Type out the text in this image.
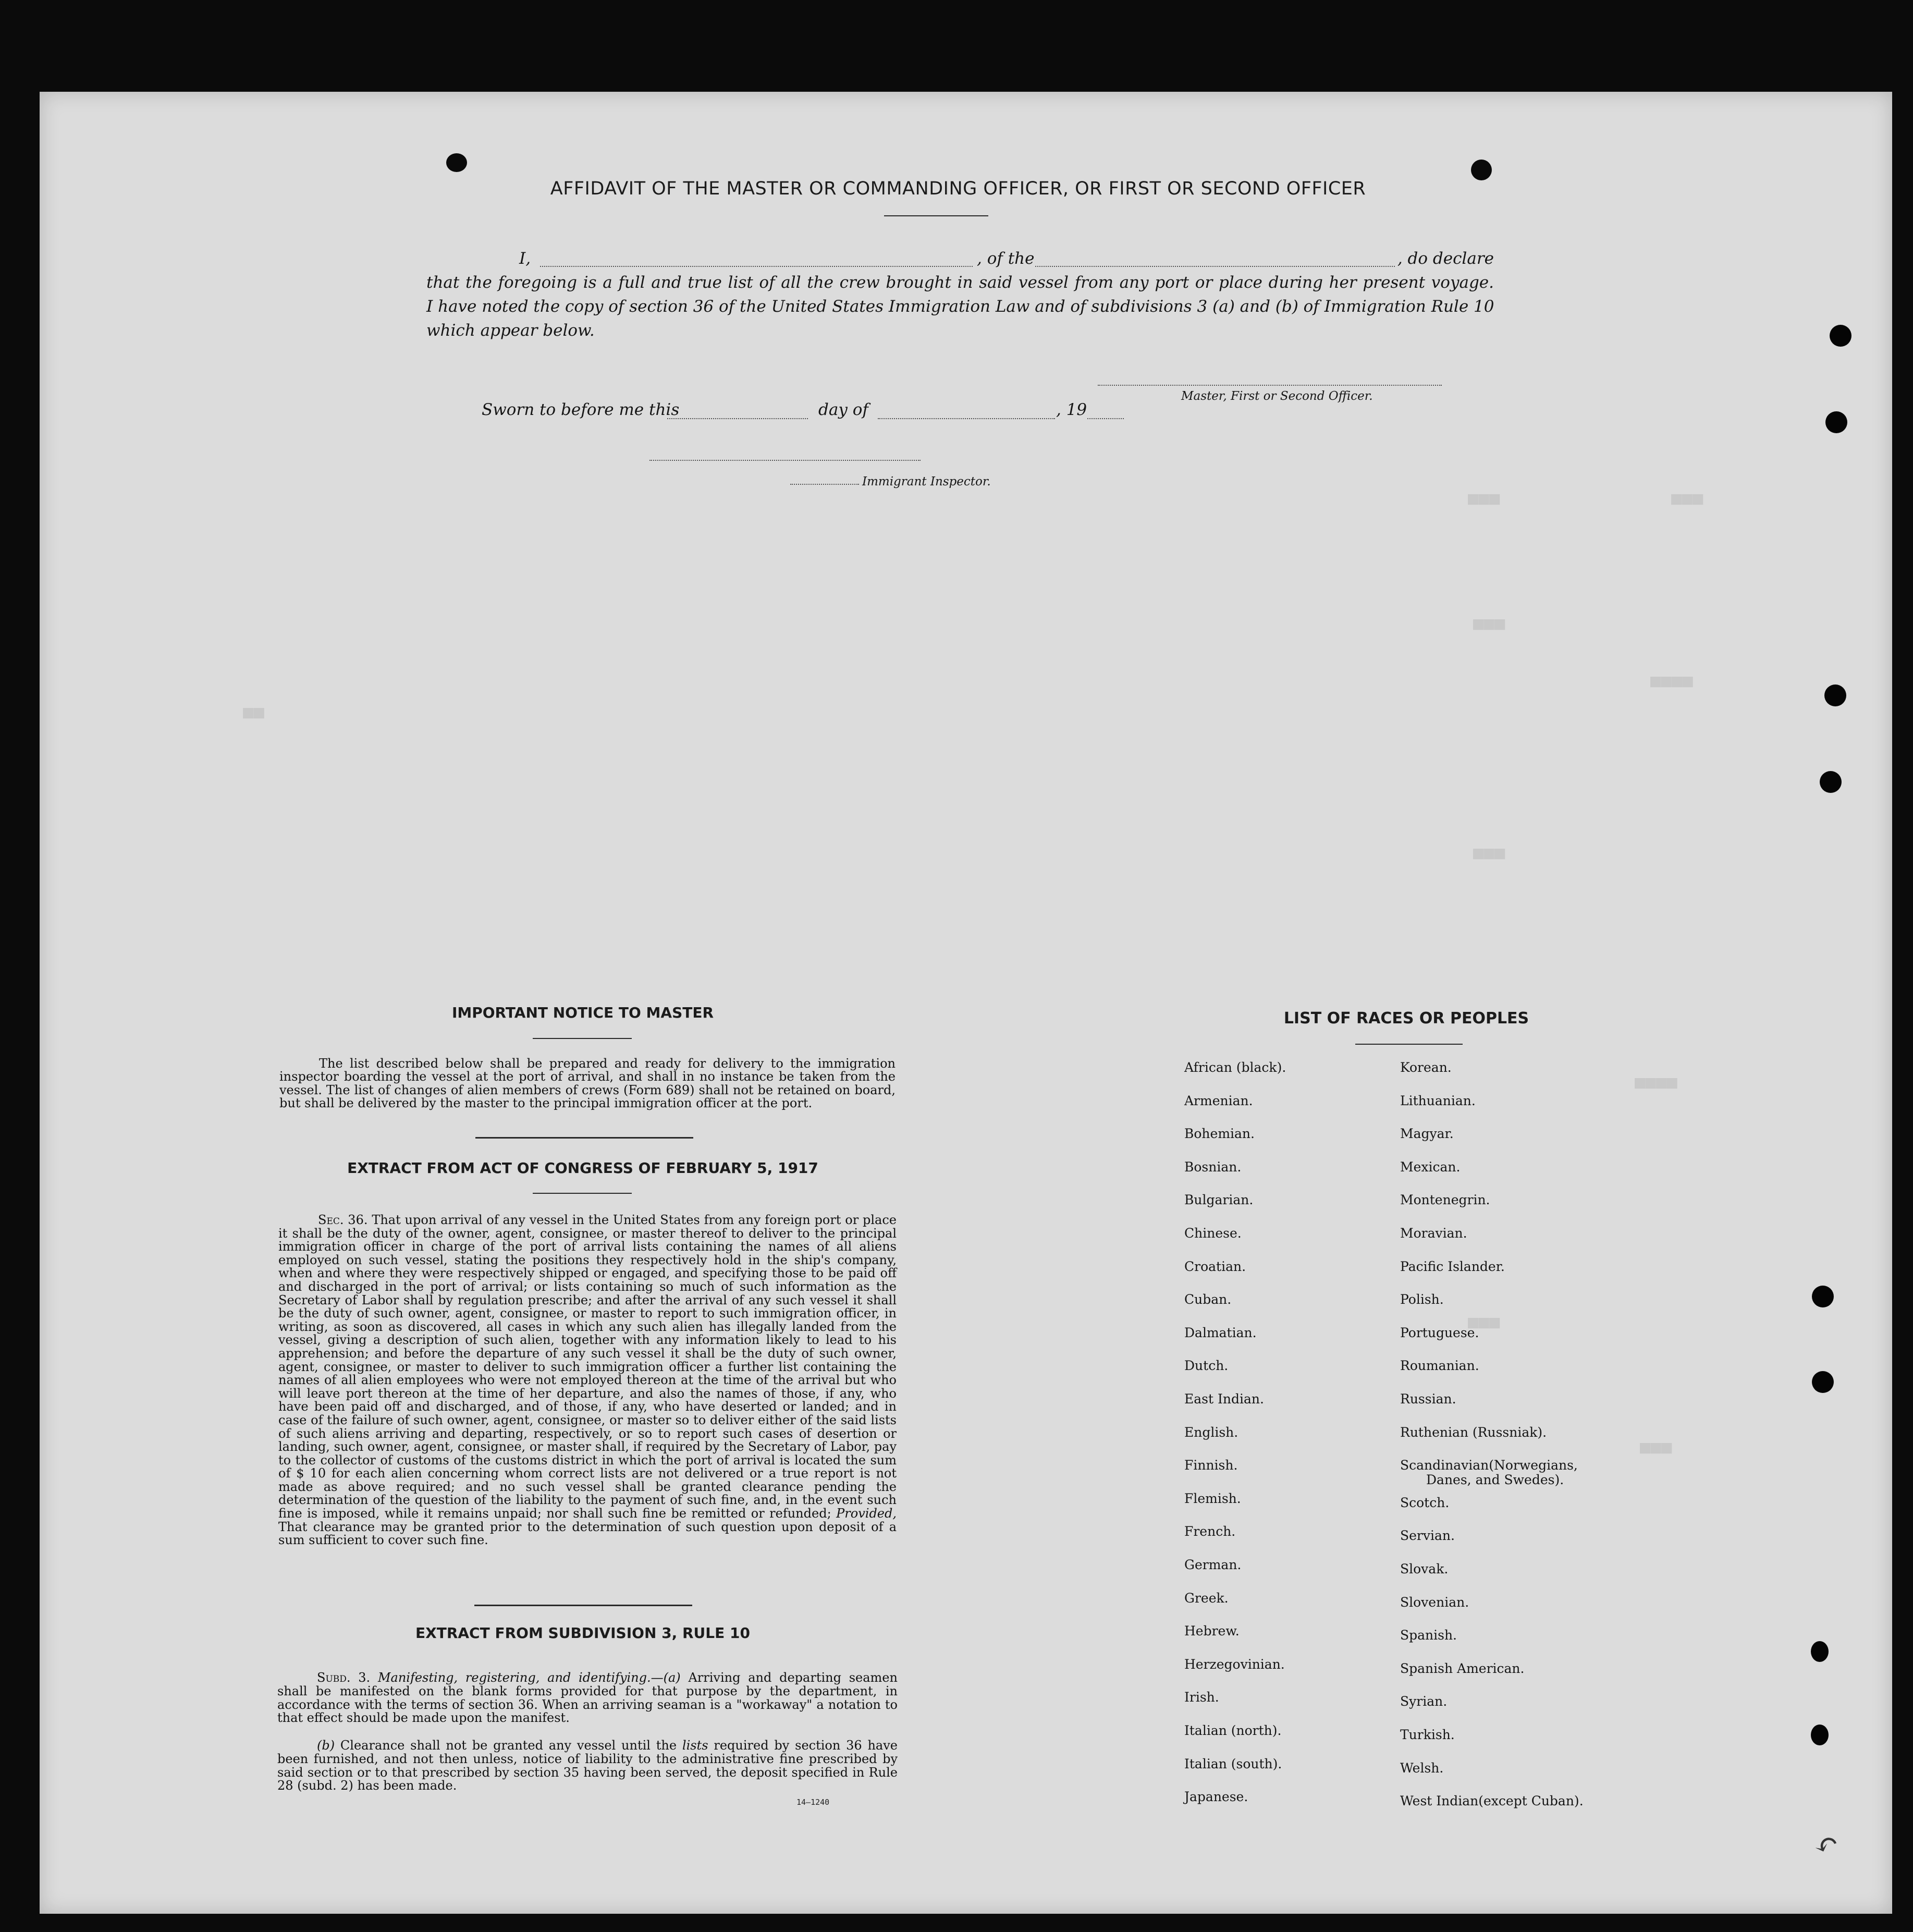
■■■	■■■
■■■
■■■■
■■
■■■
■■■■
■■■
■■■
AFFIDAVIT OF THE MASTER OR COMMANDING OFFICER, OR FIRST OR SECOND OFFICER
I,	, of the	, do declare
that the foregoing is a full and true list of all the crew brought in said vessel from any port or place during her present voyage.
I have noted the copy of section 36 of the United States Immigration Law and of subdivisions 3 (a) and (b) of Immigration Rule 10
which appear below.
Master, First or Second Officer.
Sworn to before me this	day of	, 19
Immigrant Inspector.
IMPORTANT NOTICE TO MASTER
The list described below shall be prepared and ready for delivery to the immigration inspector boarding the vessel at the port of arrival, and shall in no instance be taken from the vessel. The list of changes of alien members of crews (Form 689) shall not be retained on board, but shall be delivered by the master to the principal immigration officer at the port.
EXTRACT FROM ACT OF CONGRESS OF FEBRUARY 5, 1917
Sec. 36. That upon arrival of any vessel in the United States from any foreign port or place it shall be the duty of the owner, agent, consignee, or master thereof to deliver to the principal immigration officer in charge of the port of arrival lists containing the names of all aliens employed on such vessel, stating the positions they respectively hold in the ship's company, when and where they were respectively shipped or engaged, and specifying those to be paid off and discharged in the port of arrival; or lists containing so much of such information as the Secretary of Labor shall by regulation prescribe; and after the arrival of any such vessel it shall be the duty of such owner, agent, consignee, or master to report to such immigration officer, in writing, as soon as discovered, all cases in which any such alien has illegally landed from the vessel, giving a description of such alien, together with any information likely to lead to his apprehension; and before the departure of any such vessel it shall be the duty of such owner, agent, consignee, or master to deliver to such immigration officer a further list containing the names of all alien employees who were not employed thereon at the time of the arrival but who will leave port thereon at the time of her departure, and also the names of those, if any, who have been paid off and discharged, and of those, if any, who have deserted or landed; and in case of the failure of such owner, agent, consignee, or master so to deliver either of the said lists of such aliens arriving and departing, respectively, or so to report such cases of desertion or landing, such owner, agent, consignee, or master shall, if required by the Secretary of Labor, pay to the collector of customs of the customs district in which the port of arrival is located the sum of $ 10 for each alien concerning whom correct lists are not delivered or a true report is not made as above required; and no such vessel shall be granted clearance pending the determination of the question of the liability to the payment of such fine, and, in the event such fine is imposed, while it remains unpaid; nor shall such fine be remitted or refunded; Provided, That clearance may be granted prior to the determination of such question upon deposit of a sum sufficient to cover such fine.
EXTRACT FROM SUBDIVISION 3, RULE 10
Subd. 3. Manifesting, registering, and identifying.—(a) Arriving and departing seamen shall be manifested on the blank forms provided for that purpose by the department, in accordance with the terms of section 36. When an arriving seaman is a "workaway" a notation to that effect should be made upon the manifest.
(b) Clearance shall not be granted any vessel until the lists required by section 36 have been furnished, and not then unless, notice of liability to the administrative fine prescribed by said section or to that prescribed by section 35 having been served, the deposit specified in Rule 28 (subd. 2) has been made.
14—1240
LIST OF RACES OR PEOPLES
↶
African (black).
Armenian.
Bohemian.
Bosnian.
Bulgarian.
Chinese.
Croatian.
Cuban.
Dalmatian.
Dutch.
East Indian.
English.
Finnish.
Flemish.
French.
German.
Greek.
Hebrew.
Herzegovinian.
Irish.
Italian (north).
Italian (south).
Japanese.
Korean.
Lithuanian.
Magyar.
Mexican.
Montenegrin.
Moravian.
Pacific Islander.
Polish.
Portuguese.
Roumanian.
Russian.
Ruthenian (Russniak).
Scandinavian(Norwegians,
Danes, and Swedes).
Scotch.
Servian.
Slovak.
Slovenian.
Spanish.
Spanish American.
Syrian.
Turkish.
Welsh.
West Indian(except Cuban).
